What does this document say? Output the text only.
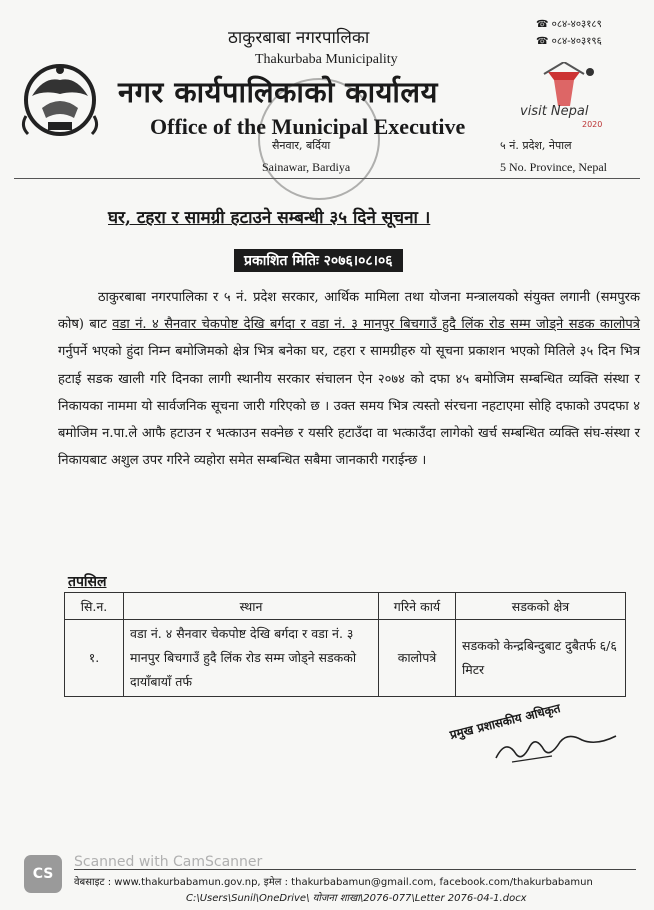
visit Nepal
2020
☎ ०८४-४०३१८९
☎ ०८४-४०३१९६
ठाकुरबाबा नगरपालिका
Thakurbaba Municipality
नगर कार्यपालिकाको कार्यालय
Office of the Municipal Executive
सैनवार, बर्दिया
Sainawar, Bardiya
५ नं. प्रदेश, नेपाल
5 No. Province, Nepal
घर, टहरा र सामग्री हटाउने सम्बन्धी ३५ दिने सूचना ।
प्रकाशित मितिः २०७६।०८।०६

ठाकुरबाबा नगरपालिका र ५ नं. प्रदेश सरकार, आर्थिक मामिला तथा योजना मन्त्रालयको संयुक्त लगानी (समपुरक कोष) बाट वडा नं. ४ सैनवार चेकपोष्ट देखि बर्गदा र वडा नं. ३ मानपुर बिचगाउँ हुदै लिंक रोड सम्म जोड्ने सडक कालोपत्रे गर्नुपर्ने भएको हुंदा निम्न बमोजिमको क्षेत्र भित्र बनेका घर, टहरा र सामग्रीहरु यो सूचना प्रकाशन भएको मितिले ३५ दिन भित्र हटाई सडक खाली गरि दिनका लागी स्थानीय सरकार संचालन ऐन २०७४ को दफा ४५ बमोजिम सम्बन्धित व्यक्ति संस्था र निकायका नाममा यो सार्वजनिक सूचना जारी गरिएको छ । उक्त समय भित्र त्यस्तो संरचना नहटाएमा सोहि दफाको उपदफा ४ बमोजिम न.पा.ले आफै हटाउन र भत्काउन सक्नेछ र यसरि हटाउँदा वा भत्काउँदा लागेको खर्च सम्बन्धित व्यक्ति संघ-संस्था र निकायबाट अशुल उपर गरिने व्यहोरा समेत सम्बन्धित सबैमा जानकारी गराईन्छ ।

तपसिल
सि.न.	स्थान	गरिने कार्य	सडकको क्षेत्र
१.	वडा नं. ४ सैनवार चेकपोष्ट देखि बर्गदा र वडा नं. ३ मानपुर बिचगाउँ हुदै लिंक रोड सम्म जोड्ने सडकको दायाँबायाँ तर्फ	कालोपत्रे	सडकको केन्द्रबिन्दुबाट दुबैतर्फ ६/६ मिटर
प्रमुख प्रशासकीय अधिकृत
CS
Scanned with CamScanner
वेबसाइट : www.thakurbabamun.gov.np, इमेल : thakurbabamun@gmail.com, facebook.com/thakurbabamun
C:\Users\Sunil\OneDrive\ योजना शाखा\2076-077\Letter 2076-04-1.docx
